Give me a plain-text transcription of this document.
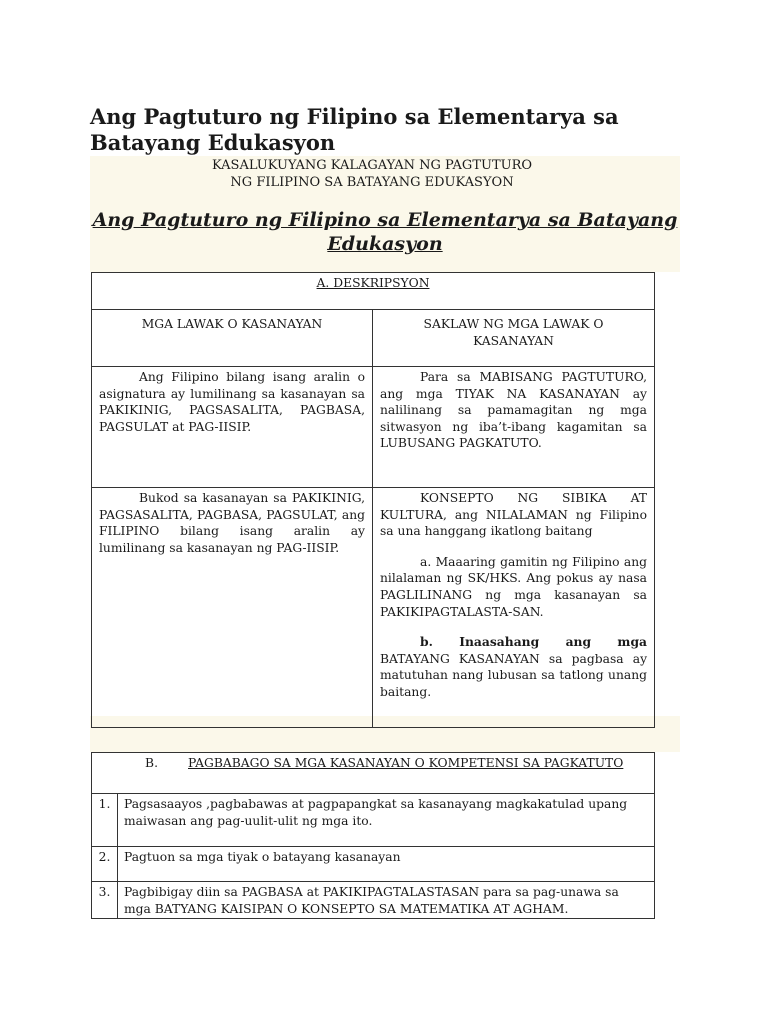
Ang Pagtuturo ng Filipino sa Elementarya sa
Batayang Edukasyon
KASALUKUYANG KALAGAYAN NG PAGTUTURO
NG FILIPINO SA BATAYANG EDUKASYON
Ang Pagtuturo ng Filipino sa Elementarya sa Batayang
Edukasyon
A. DESKRIPSYON	
MGA LAWAK O KASANAYAN	SAKLAW NG MGA LAWAK O KASANAYAN

Ang Filipino bilang isang aralin o asignatura ay lumilinang sa kasanayan sa PAKIKINIG, PAGSASALITA, PAGBASA, PAGSULAT at PAG-IISIP.	Para sa MABISANG PAGTUTURO, ang mga TIYAK NA KASANAYAN ay nalilinang sa pamamagitan ng mga sitwasyon ng iba’t-ibang kagamitan sa LUBUSANG PAGKATUTO.

Bukod sa kasanayan sa PAKIKINIG, PAGSASALITA, PAGBASA, PAGSULAT, ang FILIPINO bilang isang aralin ay lumilinang sa kasanayan ng PAG-IISIP.	KONSEPTO NG SIBIKA AT KULTURA, ang NILALAMAN ng Filipino sa una hanggang ikatlong baitang

a. Maaaring gamitin ng Filipino ang nilalaman ng SK/HKS. Ang pokus ay nasa PAGLILINANG ng mga kasanayan sa PAKIKIPAGTALASTA-SAN.

b. Inaasahang ang mga BATAYANG KASANAYAN sa pagbasa ay matutuhan nang lubusan sa tatlong unang baitang.

B. PAGBABAGO SA MGA KASANAYAN O KOMPETENSI SA PAGKATUTO	

1.	Pagsasaayos ,pagbabawas at pagpapangkat sa kasanayang magkakatulad upang maiwasan ang pag-uulit-ulit ng mga ito.
2.	Pagtuon sa mga tiyak o batayang kasanayan
3.	Pagbibigay diin sa PAGBASA at PAKIKIPAGTALASTASAN para sa pag-unawa sa mga BATYANG KAISIPAN O KONSEPTO SA MATEMATIKA AT AGHAM.
